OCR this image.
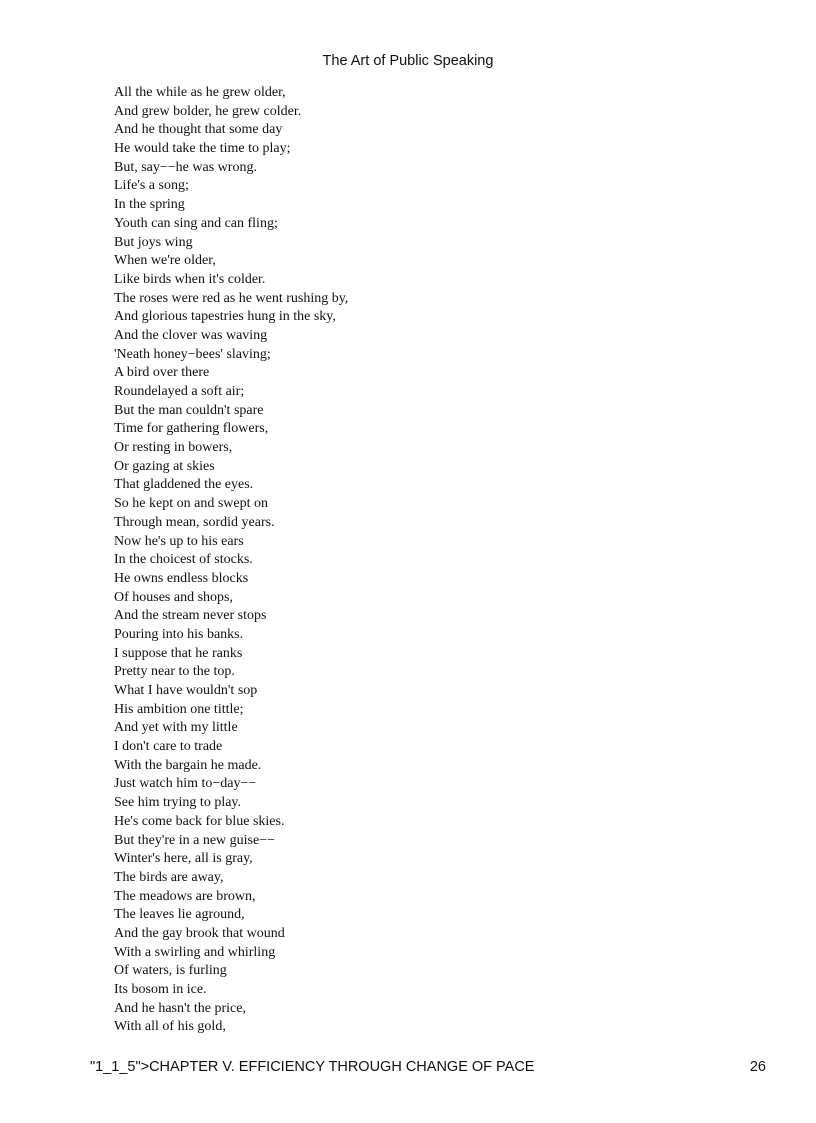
The Art of Public Speaking
All the while as he grew older,
And grew bolder, he grew colder.
And he thought that some day
He would take the time to play;
But, say−−he was wrong.
Life's a song;
In the spring
Youth can sing and can fling;
But joys wing
When we're older,
Like birds when it's colder.
The roses were red as he went rushing by,
And glorious tapestries hung in the sky,
And the clover was waving
'Neath honey−bees' slaving;
A bird over there
Roundelayed a soft air;
But the man couldn't spare
Time for gathering flowers,
Or resting in bowers,
Or gazing at skies
That gladdened the eyes.
So he kept on and swept on
Through mean, sordid years.
Now he's up to his ears
In the choicest of stocks.
He owns endless blocks
Of houses and shops,
And the stream never stops
Pouring into his banks.
I suppose that he ranks
Pretty near to the top.
What I have wouldn't sop
His ambition one tittle;
And yet with my little
I don't care to trade
With the bargain he made.
Just watch him to−day−−
See him trying to play.
He's come back for blue skies.
But they're in a new guise−−
Winter's here, all is gray,
The birds are away,
The meadows are brown,
The leaves lie aground,
And the gay brook that wound
With a swirling and whirling
Of waters, is furling
Its bosom in ice.
And he hasn't the price,
With all of his gold,
"1_1_5">CHAPTER V. EFFICIENCY THROUGH CHANGE OF PACE	26
